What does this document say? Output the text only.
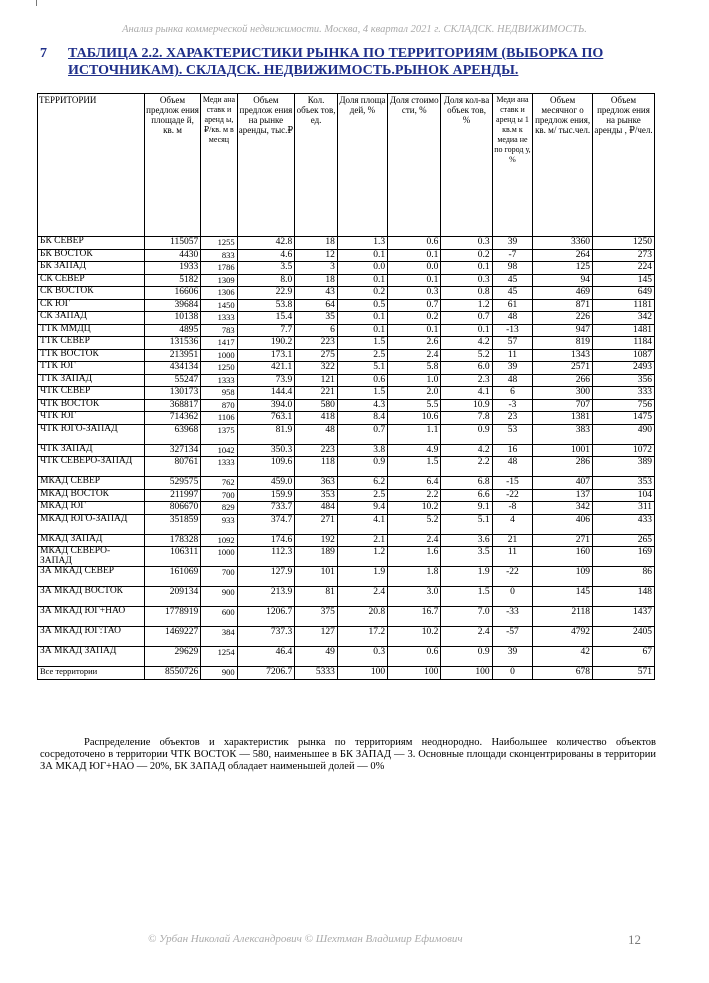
Анализ рынка коммерческой недвижимости. Москва, 4 квартал 2021 г. СКЛАДСК. НЕДВИЖИМОСТЬ.
7 ТАБЛИЦА 2.2. ХАРАКТЕРИСТИКИ РЫНКА ПО ТЕРРИТОРИЯМ (ВЫБОРКА ПО ИСТОЧНИКАМ). СКЛАДСК. НЕДВИЖИМОСТЬ.РЫНОК АРЕНДЫ.
ТЕРРИТОРИИ	Объем предлож ения площаде й, кв. м	Меди ана ставк и аренд ы, ₽/кв. м в месяц	Объем предлож ения на рынке аренды, тыс.₽	Кол. объек тов, ед.	Доля площа дей, %	Доля стоимо сти, %	Доля кол-ва объек тов, %	Меди ана ставк и аренд ы 1 кв.м к медиа не по город у, %	Объем месячног о предлож ения, кв. м/ тыс.чел.	Объем предлож ения на рынке аренды , ₽/чел.
БК СЕВЕР	115057	1255	42.8	18	1.3	0.6	0.3	39	3360	1250
БК ВОСТОК	4430	833	4.6	12	0.1	0.1	0.2	-7	264	273
БК ЗАПАД	1933	1786	3.5	3	0.0	0.0	0.1	98	125	224
СК СЕВЕР	5182	1309	8.0	18	0.1	0.1	0.3	45	94	145
СК ВОСТОК	16606	1306	22.9	43	0.2	0.3	0.8	45	469	649
СК ЮГ	39684	1450	53.8	64	0.5	0.7	1.2	61	871	1181
СК ЗАПАД	10138	1333	15.4	35	0.1	0.2	0.7	48	226	342
ТТК ММДЦ	4895	783	7.7	6	0.1	0.1	0.1	-13	947	1481
ТТК СЕВЕР	131536	1417	190.2	223	1.5	2.6	4.2	57	819	1184
ТТК ВОСТОК	213951	1000	173.1	275	2.5	2.4	5.2	11	1343	1087
ТТК ЮГ	434134	1250	421.1	322	5.1	5.8	6.0	39	2571	2493
ТТК ЗАПАД	55247	1333	73.9	121	0.6	1.0	2.3	48	266	356
ЧТК СЕВЕР	130173	958	144.4	221	1.5	2.0	4.1	6	300	333
ЧТК ВОСТОК	368817	870	394.0	580	4.3	5.5	10.9	-3	707	756
ЧТК ЮГ	714362	1106	763.1	418	8.4	10.6	7.8	23	1381	1475
ЧТК ЮГО-ЗАПАД	63968	1375	81.9	48	0.7	1.1	0.9	53	383	490
ЧТК ЗАПАД	327134	1042	350.3	223	3.8	4.9	4.2	16	1001	1072
ЧТК СЕВЕРО-ЗАПАД	80761	1333	109.6	118	0.9	1.5	2.2	48	286	389
МКАД СЕВЕР	529575	762	459.0	363	6.2	6.4	6.8	-15	407	353
МКАД ВОСТОК	211997	700	159.9	353	2.5	2.2	6.6	-22	137	104
МКАД ЮГ	806670	829	733.7	484	9.4	10.2	9.1	-8	342	311
МКАД ЮГО-ЗАПАД	351859	933	374.7	271	4.1	5.2	5.1	4	406	433
МКАД ЗАПАД	178328	1092	174.6	192	2.1	2.4	3.6	21	271	265
МКАД СЕВЕРО-ЗАПАД	106311	1000	112.3	189	1.2	1.6	3.5	11	160	169
ЗА МКАД СЕВЕР	161069	700	127.9	101	1.9	1.8	1.9	-22	109	86
ЗА МКАД ВОСТОК	209134	900	213.9	81	2.4	3.0	1.5	0	145	148
ЗА МКАД ЮГ+НАО	1778919	600	1206.7	375	20.8	16.7	7.0	-33	2118	1437
ЗА МКАД ЮГ:ТАО	1469227	384	737.3	127	17.2	10.2	2.4	-57	4792	2405
ЗА МКАД ЗАПАД	29629	1254	46.4	49	0.3	0.6	0.9	39	42	67
Все территории	8550726	900	7206.7	5333	100	100	100	0	678	571
Распределение объектов и характеристик рынка по территориям неоднородно. Наибольшее количество объектов сосредоточено в территории ЧТК ВОСТОК — 580, наименьшее в БК ЗАПАД — 3. Основные площади сконцентрированы в территории ЗА МКАД ЮГ+НАО — 20%, БК ЗАПАД обладает наименьшей долей — 0%
© Урбан Николай Александрович © Шехтман Владимир Ефимович	12
